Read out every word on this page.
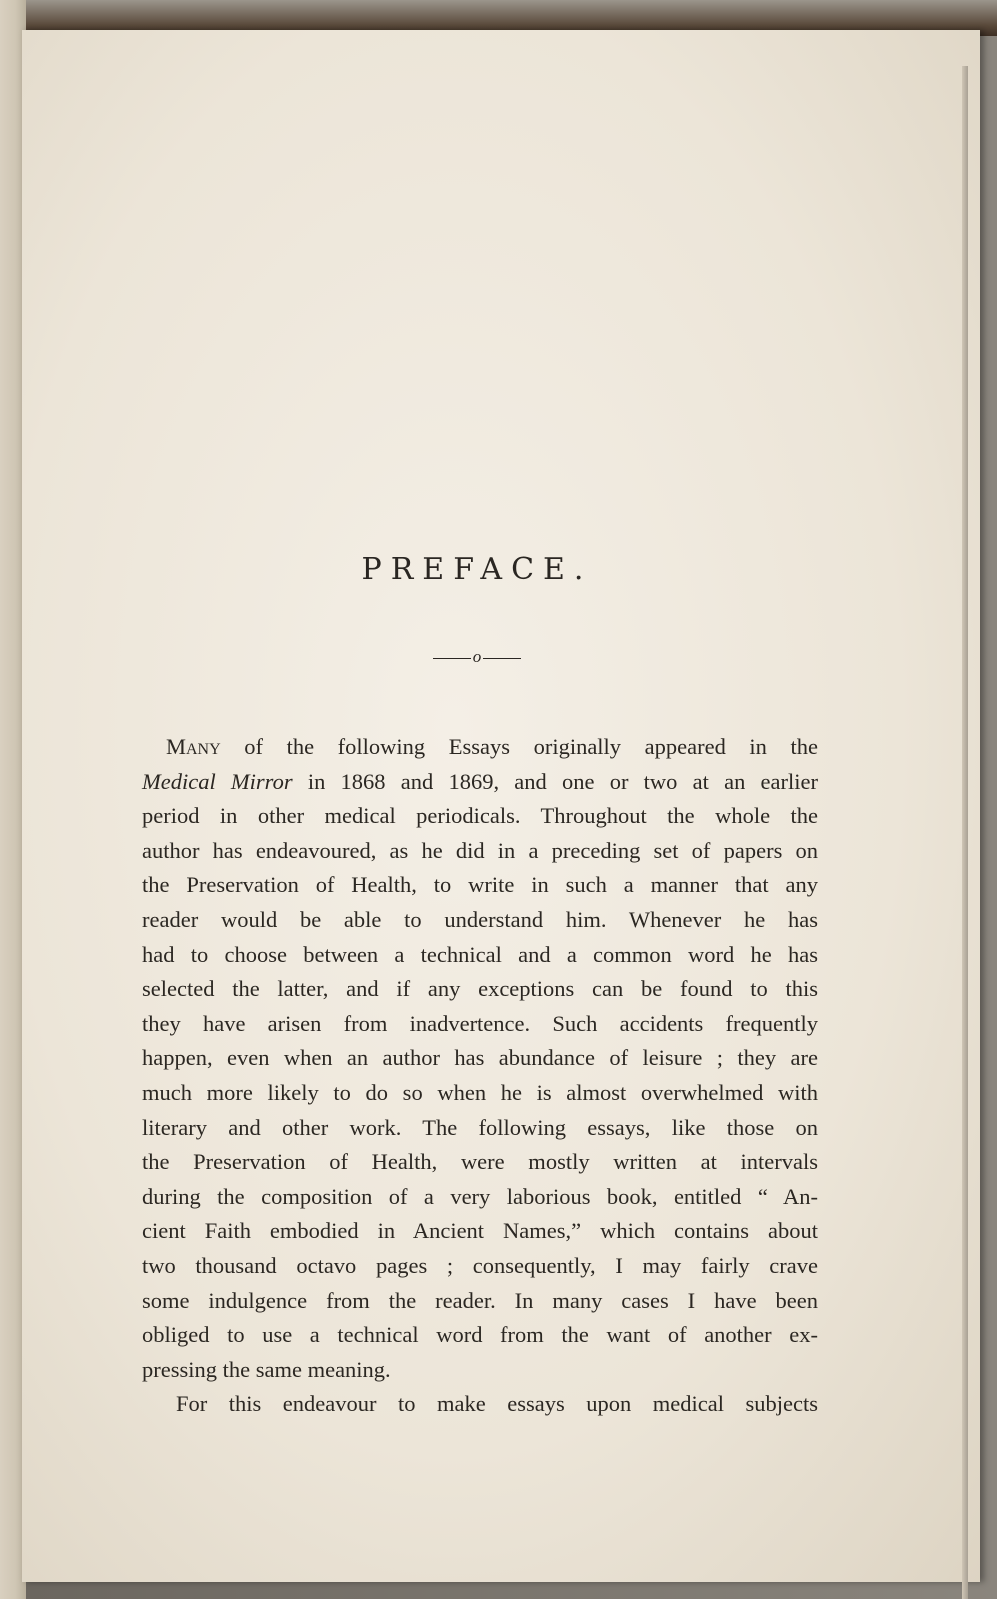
PREFACE.
o
Many of the following Essays originally appeared in the
Medical Mirror in 1868 and 1869, and one or two at an earlier
period in other medical periodicals. Throughout the whole the
author has endeavoured, as he did in a preceding set of papers on
the Preservation of Health, to write in such a manner that any
reader would be able to understand him. Whenever he has
had to choose between a technical and a common word he has
selected the latter, and if any exceptions can be found to this
they have arisen from inadvertence. Such accidents frequently
happen, even when an author has abundance of leisure ; they are
much more likely to do so when he is almost overwhelmed with
literary and other work. The following essays, like those on
the Preservation of Health, were mostly written at intervals
during the composition of a very laborious book, entitled “ An-
cient Faith embodied in Ancient Names,” which contains about
two thousand octavo pages ; consequently, I may fairly crave
some indulgence from the reader. In many cases I have been
obliged to use a technical word from the want of another ex-
pressing the same meaning.
For this endeavour to make essays upon medical subjects
